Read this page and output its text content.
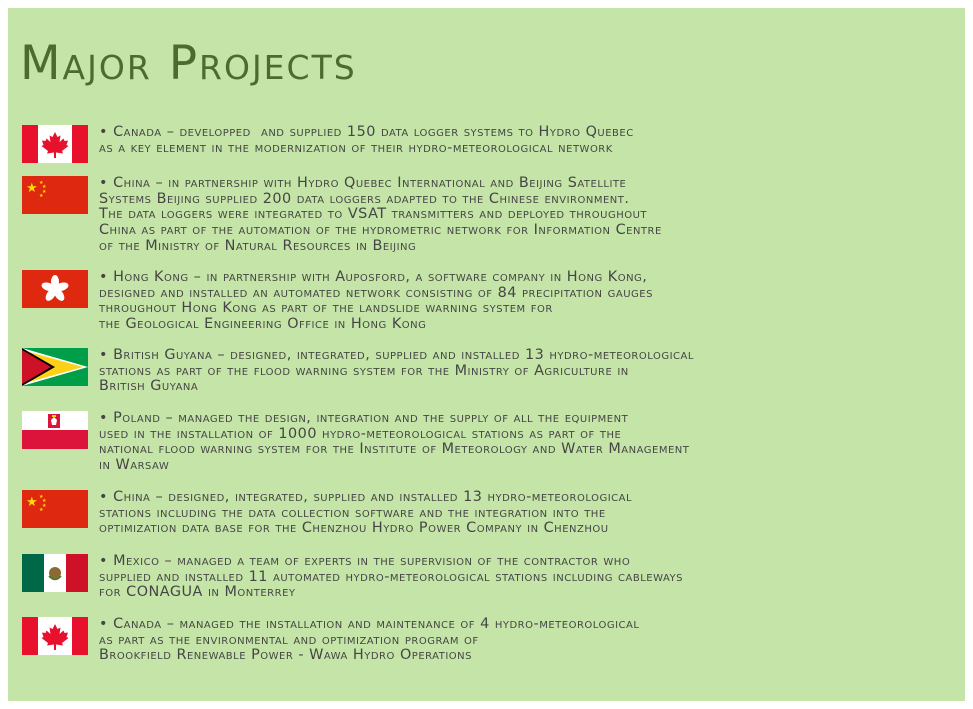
Major Projects

• Canada – developped  and supplied 150 data logger systems to Hydro Quebec
as a key element in the modernization of their hydro-meteorological network

★ ★
★
★
★

• China – in partnership with Hydro Quebec International and Beijing Satellite
Systems Beijing supplied 200 data loggers adapted to the Chinese environment.
The data loggers were integrated to VSAT transmitters and deployed throughout
China as part of the automation of the hydrometric network for Information Centre
of the Ministry of Natural Resources in Beijing

• Hong Kong – in partnership with Auposford, a software company in Hong Kong,
designed and installed an automated network consisting of 84 precipitation gauges
throughout Hong Kong as part of the landslide warning system for
the Geological Engineering Office in Hong Kong

• British Guyana – designed, integrated, supplied and installed 13 hydro-meteorological
stations as part of the flood warning system for the Ministry of Agriculture in
British Guyana

• Poland – managed the design, integration and the supply of all the equipment
used in the installation of 1000 hydro-meteorological stations as part of the
national flood warning system for the Institute of Meteorology and Water Management
in Warsaw

★ ★
★
★
★

• China – designed, integrated, supplied and installed 13 hydro-meteorological
stations including the data collection software and the integration into the
optimization data base for the Chenzhou Hydro Power Company in Chenzhou

• Mexico – managed a team of experts in the supervision of the contractor who
supplied and installed 11 automated hydro-meteorological stations including cableways
for CONAGUA in Monterrey

• Canada – managed the installation and maintenance of 4 hydro-meteorological
as part as the environmental and optimization program of
Brookfield Renewable Power - Wawa Hydro Operations
